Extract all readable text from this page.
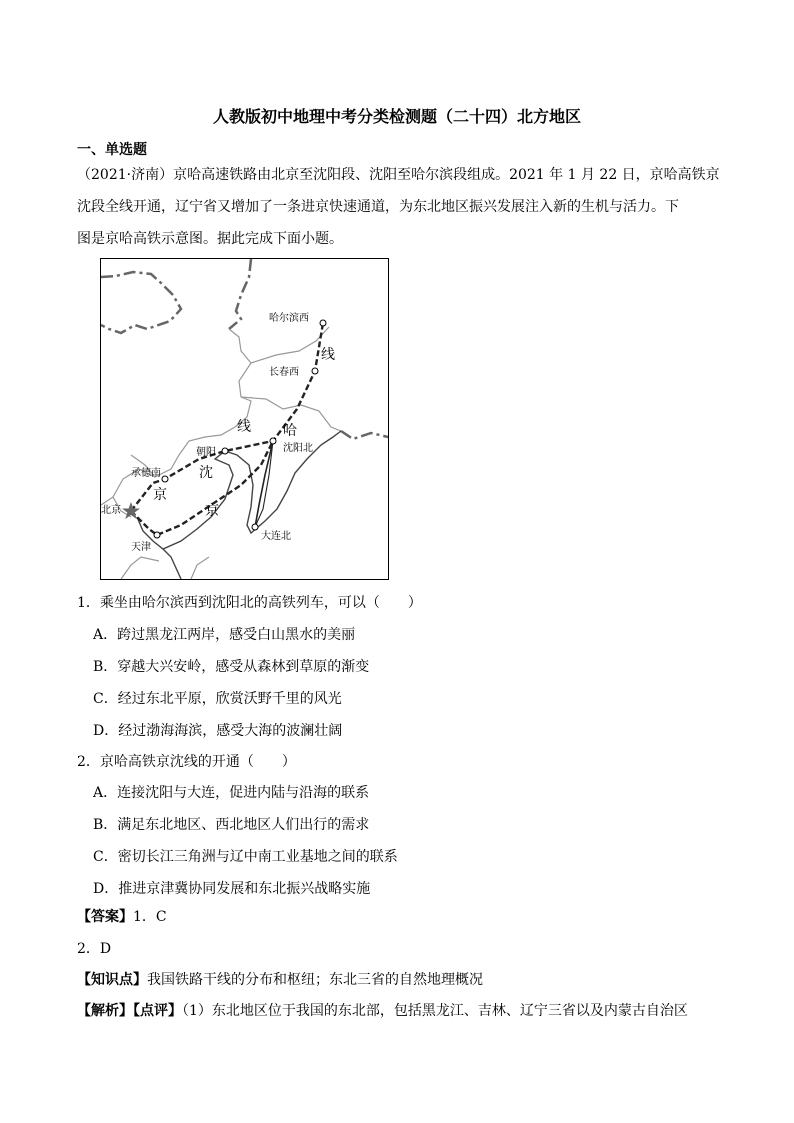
人教版初中地理中考分类检测题（二十四）北方地区
一、单选题
（2021·济南）京哈高速铁路由北京至沈阳段、沈阳至哈尔滨段组成。2021 年 1 月 22 日，京哈高铁京
沈段全线开通，辽宁省又增加了一条进京快速通道，为东北地区振兴发展注入新的生机与活力。下
图是京哈高铁示意图。据此完成下面小题。
哈尔滨西
长春西
沈阳北
朝阳
承德南
北京
天津
大连北
线
哈
线
沈
京
京
1．乘坐由哈尔滨西到沈阳北的高铁列车，可以（　　）
A．跨过黑龙江两岸，感受白山黑水的美丽
B．穿越大兴安岭，感受从森林到草原的渐变
C．经过东北平原，欣赏沃野千里的风光
D．经过渤海海滨，感受大海的波澜壮阔
2．京哈高铁京沈线的开通（　　）
A．连接沈阳与大连，促进内陆与沿海的联系
B．满足东北地区、西北地区人们出行的需求
C．密切长江三角洲与辽中南工业基地之间的联系
D．推进京津冀协同发展和东北振兴战略实施
【答案】1．C
2．D
【知识点】我国铁路干线的分布和枢纽；东北三省的自然地理概况
【解析】【点评】（1）东北地区位于我国的东北部，包括黑龙江、吉林、辽宁三省以及内蒙古自治区
